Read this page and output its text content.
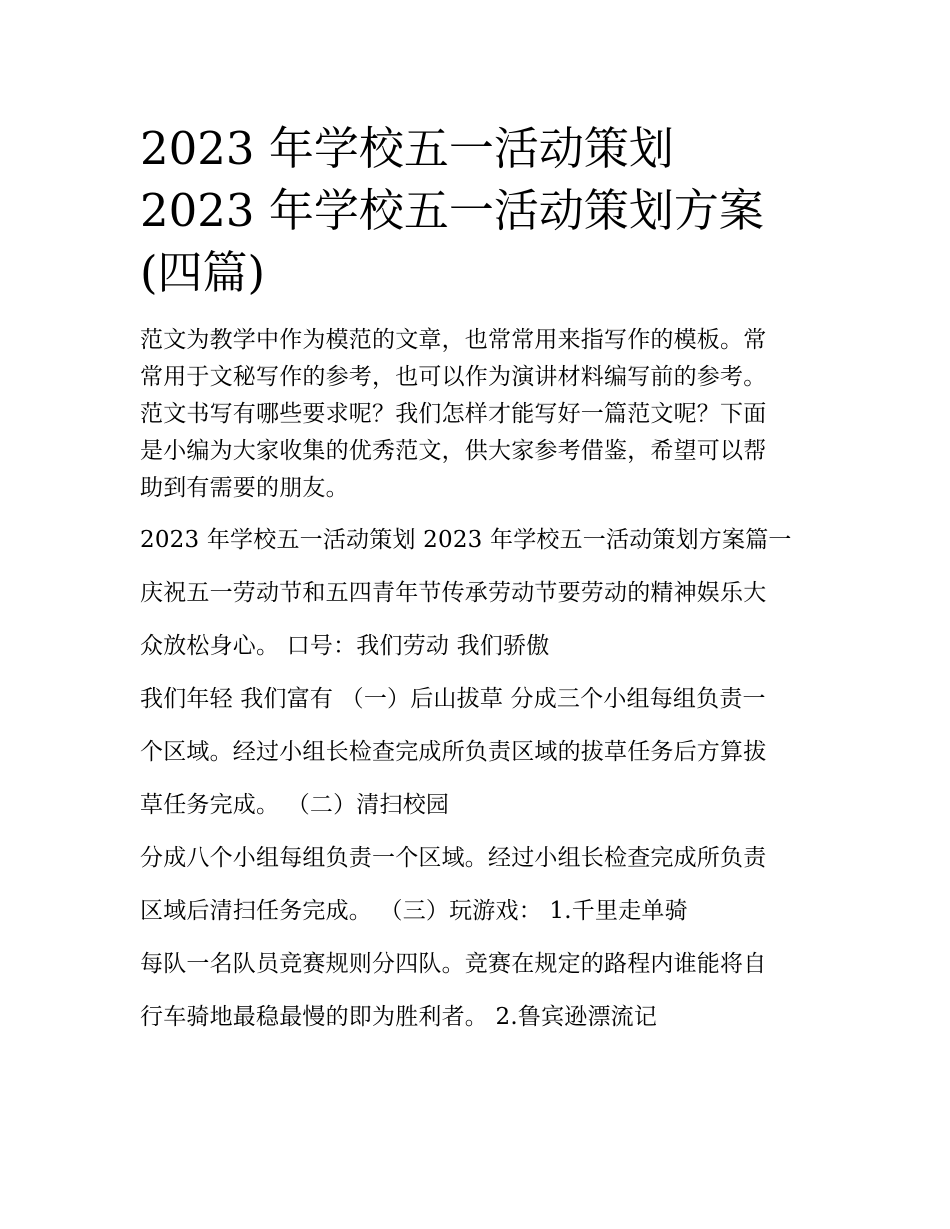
2023 年学校五一活动策划
2023 年学校五一活动策划方案
(四篇)
范文为教学中作为模范的文章，也常常用来指写作的模板。常
常用于文秘写作的参考，也可以作为演讲材料编写前的参考。
范文书写有哪些要求呢？我们怎样才能写好一篇范文呢？下面
是小编为大家收集的优秀范文，供大家参考借鉴，希望可以帮
助到有需要的朋友。
2023 年学校五一活动策划 2023 年学校五一活动策划方案篇一
庆祝五一劳动节和五四青年节传承劳动节要劳动的精神娱乐大
众放松身心。 口号：我们劳动 我们骄傲
我们年轻 我们富有 （一）后山拔草 分成三个小组每组负责一
个区域。经过小组长检查完成所负责区域的拔草任务后方算拔
草任务完成。 （二）清扫校园
分成八个小组每组负责一个区域。经过小组长检查完成所负责
区域后清扫任务完成。 （三）玩游戏： 1.千里走单骑
每队一名队员竞赛规则分四队。竞赛在规定的路程内谁能将自
行车骑地最稳最慢的即为胜利者。 2.鲁宾逊漂流记
